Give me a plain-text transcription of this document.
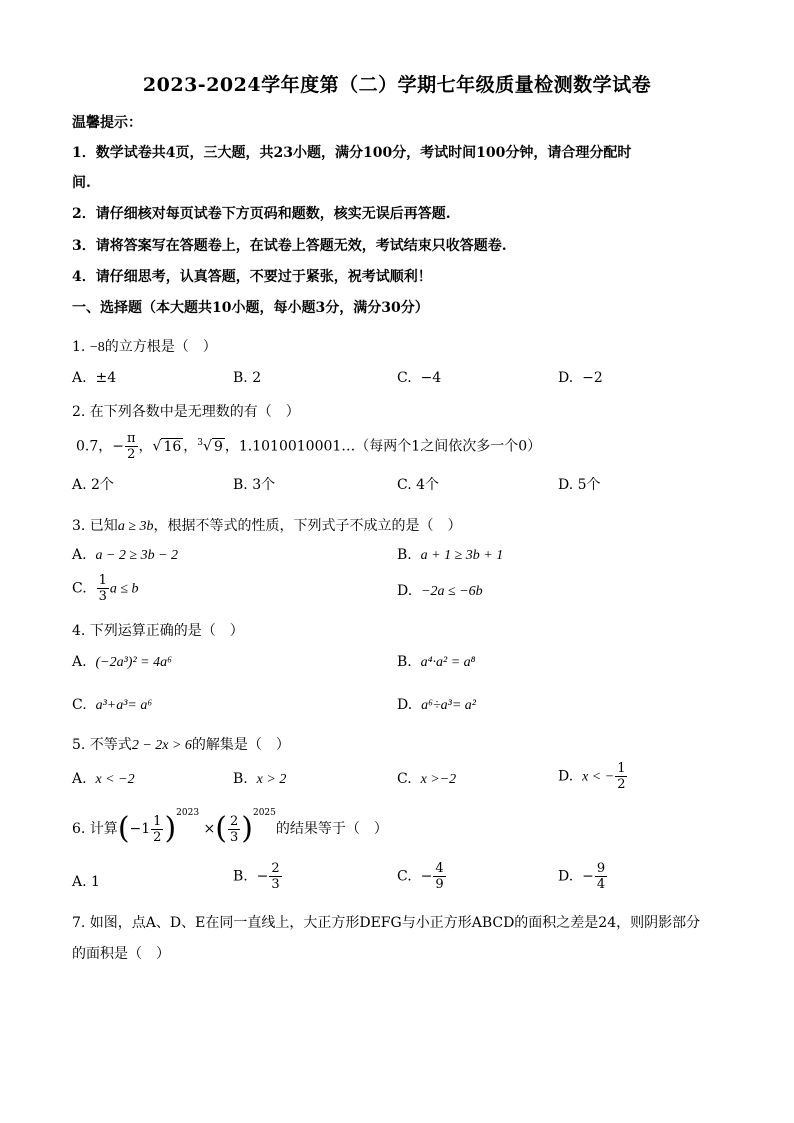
2023-2024学年度第（二）学期七年级质量检测数学试卷
温馨提示：
1．数学试卷共4页，三大题，共23小题，满分100分，考试时间100分钟，请合理分配时
间.
2．请仔细核对每页试卷下方页码和题数，核实无误后再答题.
3．请将答案写在答题卷上，在试卷上答题无效，考试结束只收答题卷.
4．请仔细思考，认真答题，不要过于紧张，祝考试顺利！
一、选择题（本大题共10小题，每小题3分，满分30分）
1. −8的立方根是（　）
A. ±4	B. 2	C. −4	D. −2
2. 在下列各数中是无理数的有（　）
0.7，− $\frac{\pi}{2}$ ，√ 16 ，$^3$√ 9 ，1.1010010001…（每两个1之间依次多一个0）
A. 2个	B. 3个	C. 4个	D. 5个
3. 已知a ≥ 3b，根据不等式的性质，下列式子不成立的是（　）
A. a − 2 ≥ 3b − 2	B. a + 1 ≥ 3b + 1
C. $\frac{1}{3}$ a ≤ b	D. −2a ≤ −6b
4. 下列运算正确的是（　）
A. (−2a³)² = 4a⁶	B. a⁴·a² = a⁸
C. a³+a³= a⁶	D. a⁶÷a³= a²
5. 不等式2 − 2x > 6的解集是（　）
A. x < −2	B. x > 2	C. x >−2	D. x < − $\frac{1}{2}$
6. 计算$(-1 \frac{1}{2} )^{2023}$ ×( $\frac{2}{3} )^{2025}$的结果等于（　）
A. 1	B. − $\frac{2}{3}$	C. − $\frac{4}{9}$	D. − $\frac{9}{4}$
7. 如图，点A、D、E在同一直线上，大正方形DEFG与小正方形ABCD的面积之差是24，则阴影部分
的面积是（　）
